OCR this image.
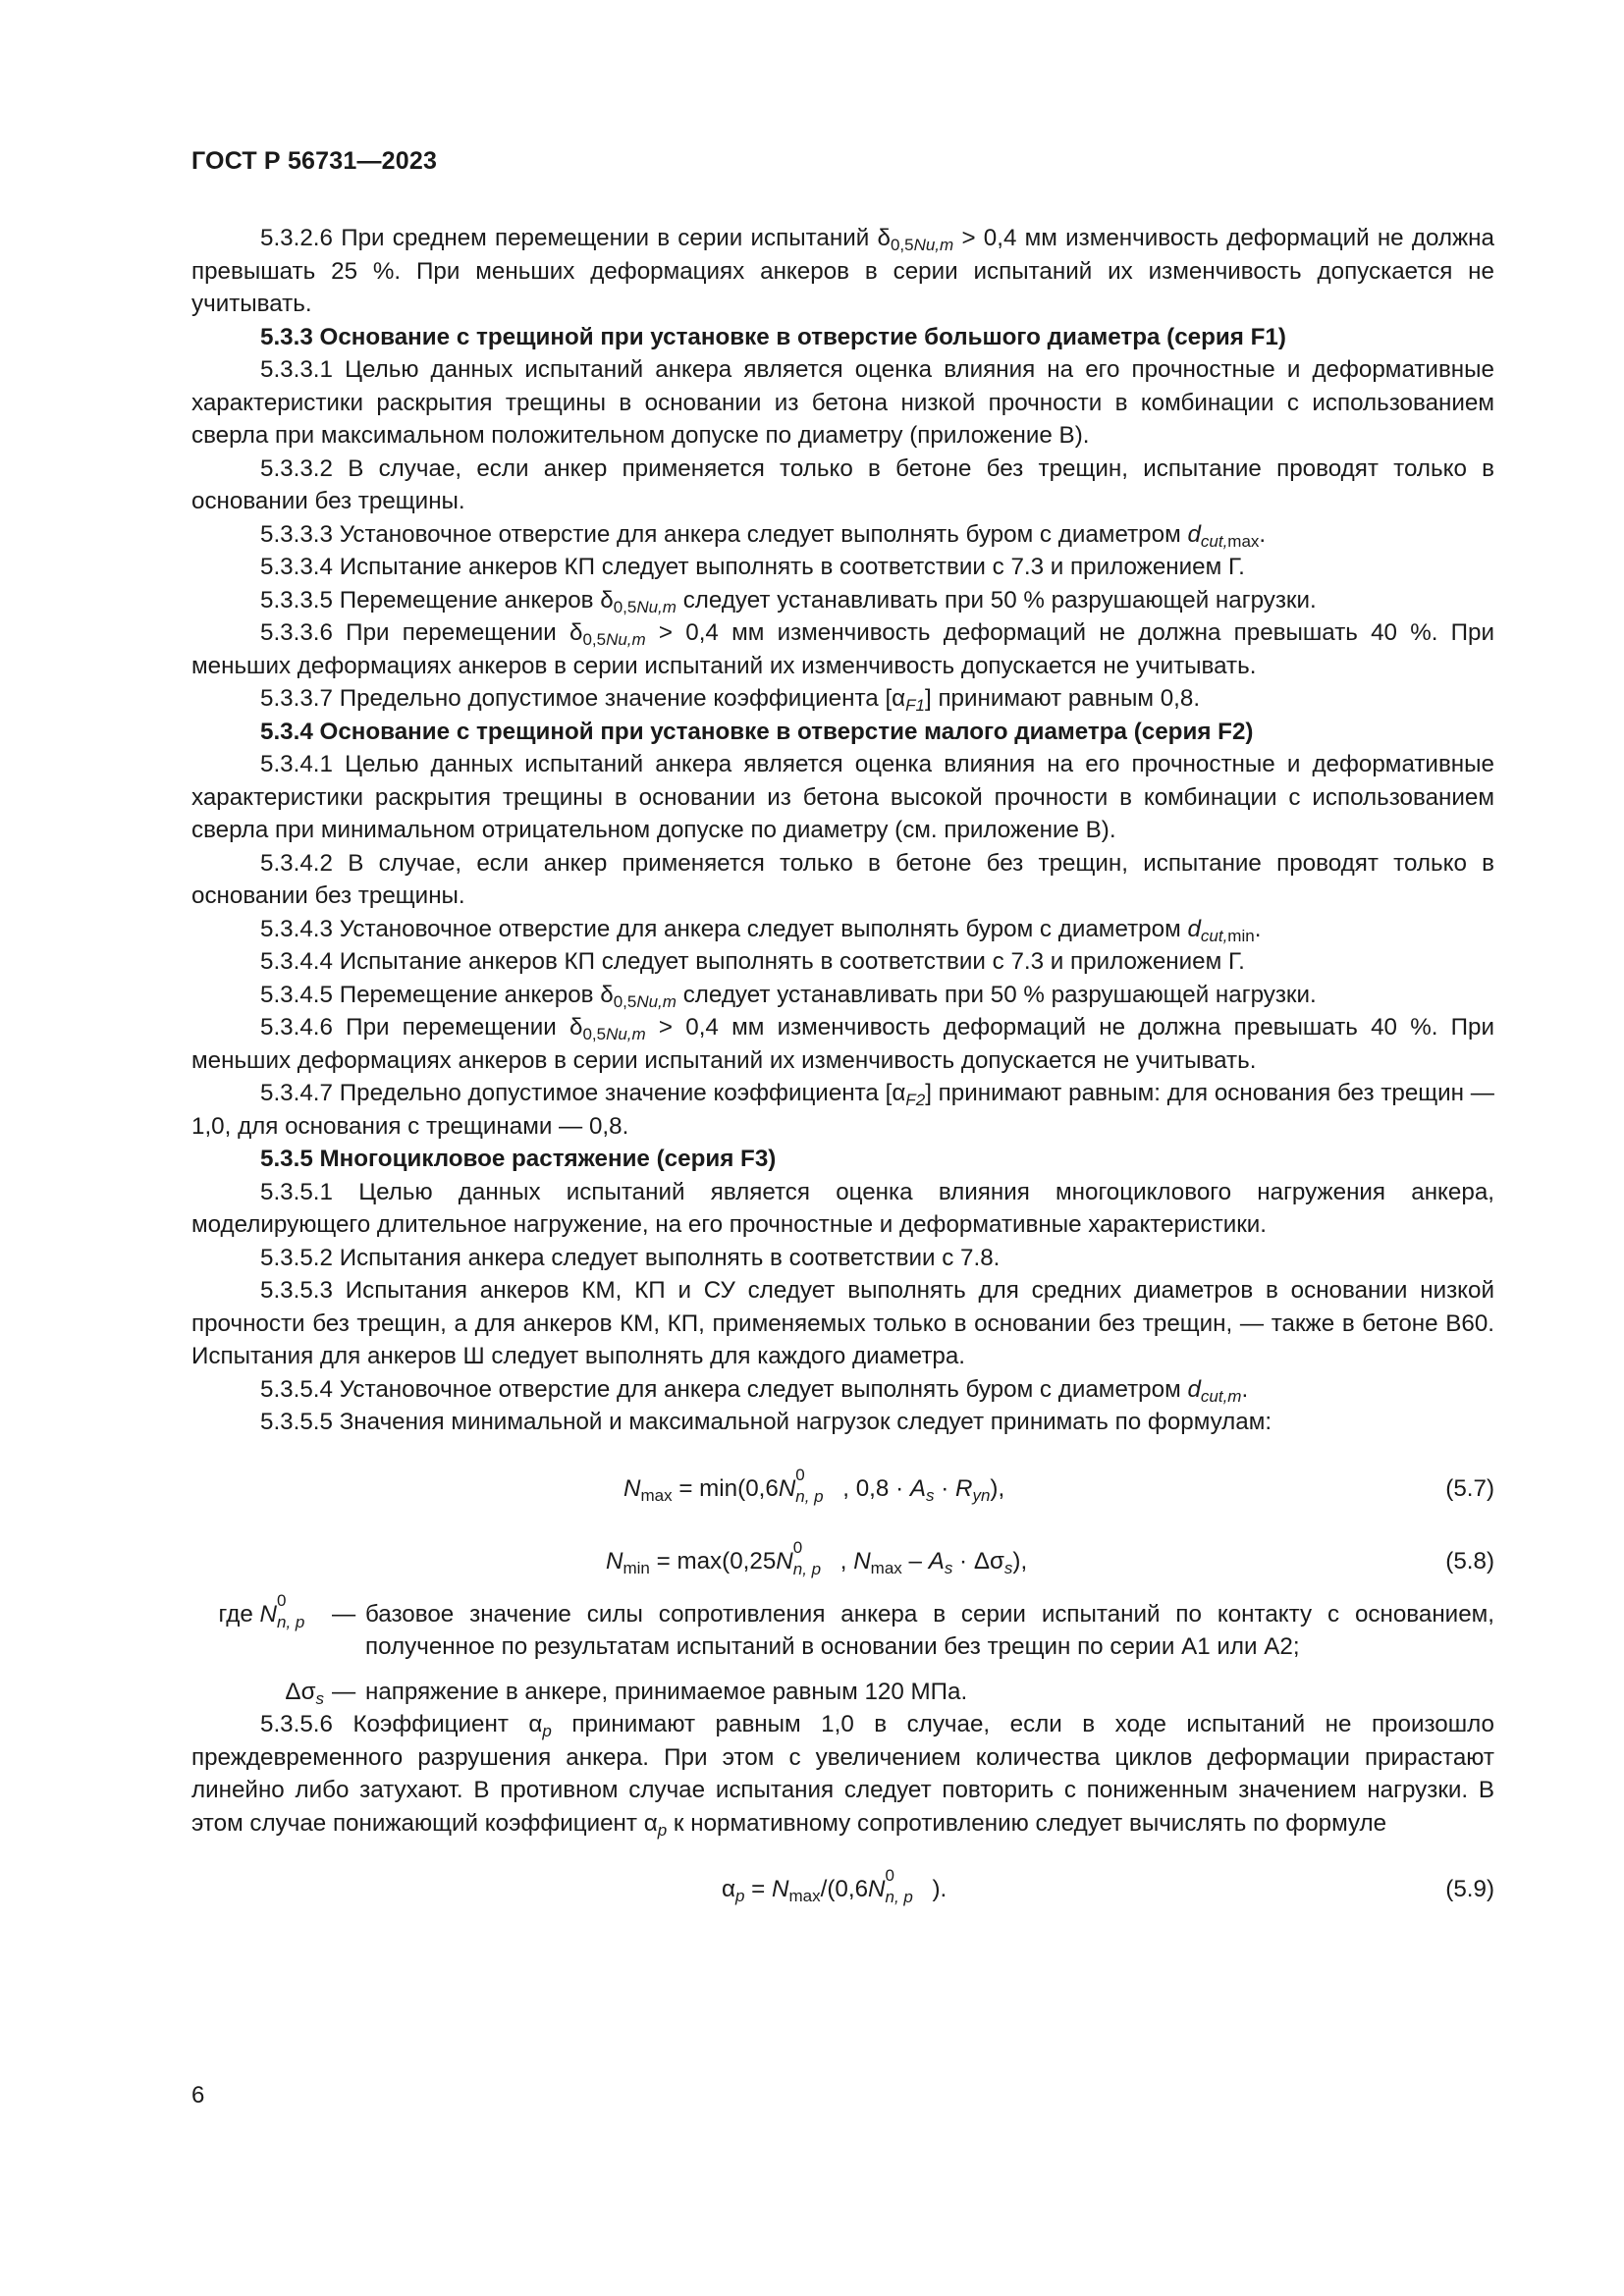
ГОСТ Р 56731—2023

5.3.2.6 При среднем перемещении в серии испытаний $\delta_{0,5Nu,m} > 0,4$ мм изменчивость деформаций не должна превышать 25 %. При меньших деформациях анкеров в серии испытаний их изменчивость допускается не учитывать.

5.3.3 Основание с трещиной при установке в отверстие большого диаметра (серия F1)

5.3.3.1 Целью данных испытаний анкера является оценка влияния на его прочностные и деформативные характеристики раскрытия трещины в основании из бетона низкой прочности в комбинации с использованием сверла при максимальном положительном допуске по диаметру (приложение В).

5.3.3.2 В случае, если анкер применяется только в бетоне без трещин, испытание проводят только в основании без трещины.

5.3.3.3 Установочное отверстие для анкера следует выполнять буром с диаметром $d_{cut,max}$.

5.3.3.4 Испытание анкеров КП следует выполнять в соответствии с 7.3 и приложением Г.

5.3.3.5 Перемещение анкеров $\delta_{0,5Nu,m}$ следует устанавливать при 50 % разрушающей нагрузки.

5.3.3.6 При перемещении $\delta_{0,5Nu,m} > 0,4$ мм изменчивость деформаций не должна превышать 40 %. При меньших деформациях анкеров в серии испытаний их изменчивость допускается не учитывать.

5.3.3.7 Предельно допустимое значение коэффициента $[\alpha_{F1}]$ принимают равным 0,8.

5.3.4 Основание с трещиной при установке в отверстие малого диаметра (серия F2)

5.3.4.1 Целью данных испытаний анкера является оценка влияния на его прочностные и деформативные характеристики раскрытия трещины в основании из бетона высокой прочности в комбинации с использованием сверла при минимальном отрицательном допуске по диаметру (см. приложение В).

5.3.4.2 В случае, если анкер применяется только в бетоне без трещин, испытание проводят только в основании без трещины.

5.3.4.3 Установочное отверстие для анкера следует выполнять буром с диаметром $d_{cut,min}$.

5.3.4.4 Испытание анкеров КП следует выполнять в соответствии с 7.3 и приложением Г.

5.3.4.5 Перемещение анкеров $\delta_{0,5Nu,m}$ следует устанавливать при 50 % разрушающей нагрузки.

5.3.4.6 При перемещении $\delta_{0,5Nu,m} > 0,4$ мм изменчивость деформаций не должна превышать 40 %. При меньших деформациях анкеров в серии испытаний их изменчивость допускается не учитывать.

5.3.4.7 Предельно допустимое значение коэффициента $[\alpha_{F2}]$ принимают равным: для основания без трещин — 1,0, для основания с трещинами — 0,8.

5.3.5 Многоцикловое растяжение (серия F3)

5.3.5.1 Целью данных испытаний является оценка влияния многоциклового нагружения анкера, моделирующего длительное нагружение, на его прочностные и деформативные характеристики.

5.3.5.2 Испытания анкера следует выполнять в соответствии с 7.8.

5.3.5.3 Испытания анкеров КМ, КП и СУ следует выполнять для средних диаметров в основании низкой прочности без трещин, а для анкеров КМ, КП, применяемых только в основании без трещин, — также в бетоне В60. Испытания для анкеров Ш следует выполнять для каждого диаметра.

5.3.5.4 Установочное отверстие для анкера следует выполнять буром с диаметром $d_{cut,m}$.

5.3.5.5 Значения минимальной и максимальной нагрузок следует принимать по формулам:

$N_{max} = \min(0,6N$
0
n, p , $0,8 \cdot A_s \cdot R_{yn}$),	(5.7)
$N_{min} = \max(0,25N$
0
n, p , $N_{max} - A_s \cdot \Delta\sigma_s$),	(5.8)
где N
0
n, p — базовое значение силы сопротивления анкера в серии испытаний по контакту с основанием, полученное по результатам испытаний в основании без трещин по серии А1 или А2;
$\Delta\sigma_s$ — напряжение в анкере, принимаемое равным 120 МПа.

5.3.5.6 Коэффициент $\alpha_p$ принимают равным 1,0 в случае, если в ходе испытаний не произошло преждевременного разрушения анкера. При этом с увеличением количества циклов деформации прирастают линейно либо затухают. В противном случае испытания следует повторить с пониженным значением нагрузки. В этом случае понижающий коэффициент $\alpha_p$ к нормативному сопротивлению следует вычислять по формуле

$\alpha_p = N_{max}/(0,6N$
0
n, p ).	(5.9)
6
